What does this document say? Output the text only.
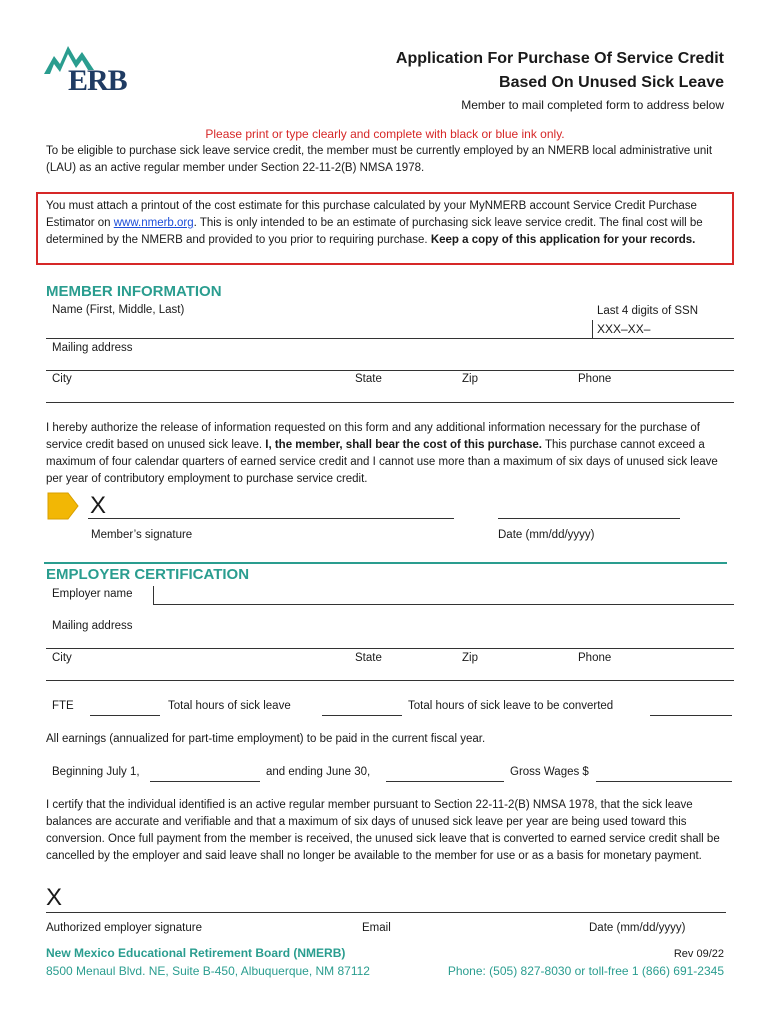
ERB
Application For Purchase Of Service Credit
Based On Unused Sick Leave
Member to mail completed form to address below
Please print or type clearly and complete with black or blue ink only.
To be eligible to purchase sick leave service credit, the member must be currently employed by an NMERB local administrative unit (LAU) as an active regular member under Section 22-11-2(B) NMSA 1978.
You must attach a printout of the cost estimate for this purchase calculated by your MyNMERB account Service Credit Purchase Estimator on www.nmerb.org. This is only intended to be an estimate of purchasing sick leave service credit. The final cost will be determined by the NMERB and provided to you prior to requiring purchase. Keep a copy of this application for your records.
MEMBER INFORMATION
Name (First, Middle, Last)	Last 4 digits of SSN
XXX–XX–
Mailing address
City	State	Zip	Phone
I hereby authorize the release of information requested on this form and any additional information necessary for the purchase of service credit based on unused sick leave. I, the member, shall bear the cost of this purchase. This purchase cannot exceed a maximum of four calendar quarters of earned service credit and I cannot use more than a maximum of six days of unused sick leave per year of contributory employment to purchase service credit.
X
Member’s signature	Date (mm/dd/yyyy)
EMPLOYER CERTIFICATION
Employer name
Mailing address
City	State	Zip	Phone
FTE	Total hours of sick leave	Total hours of sick leave to be converted
All earnings (annualized for part-time employment) to be paid in the current fiscal year.
Beginning July 1,	and ending June 30,	Gross Wages $
I certify that the individual identified is an active regular member pursuant to Section 22-11-2(B) NMSA 1978, that the sick leave balances are accurate and verifiable and that a maximum of six days of unused sick leave per year are being used toward this conversion. Once full payment from the member is received, the unused sick leave that is converted to earned service credit shall be cancelled by the employer and said leave shall no longer be available to the member for use or as a basis for monetary payment.
X
Authorized employer signature	Email	Date (mm/dd/yyyy)
New Mexico Educational Retirement Board (NMERB)
8500 Menaul Blvd. NE, Suite B-450, Albuquerque, NM 87112
Rev 09/22
Phone: (505) 827-8030 or toll-free 1 (866) 691-2345
